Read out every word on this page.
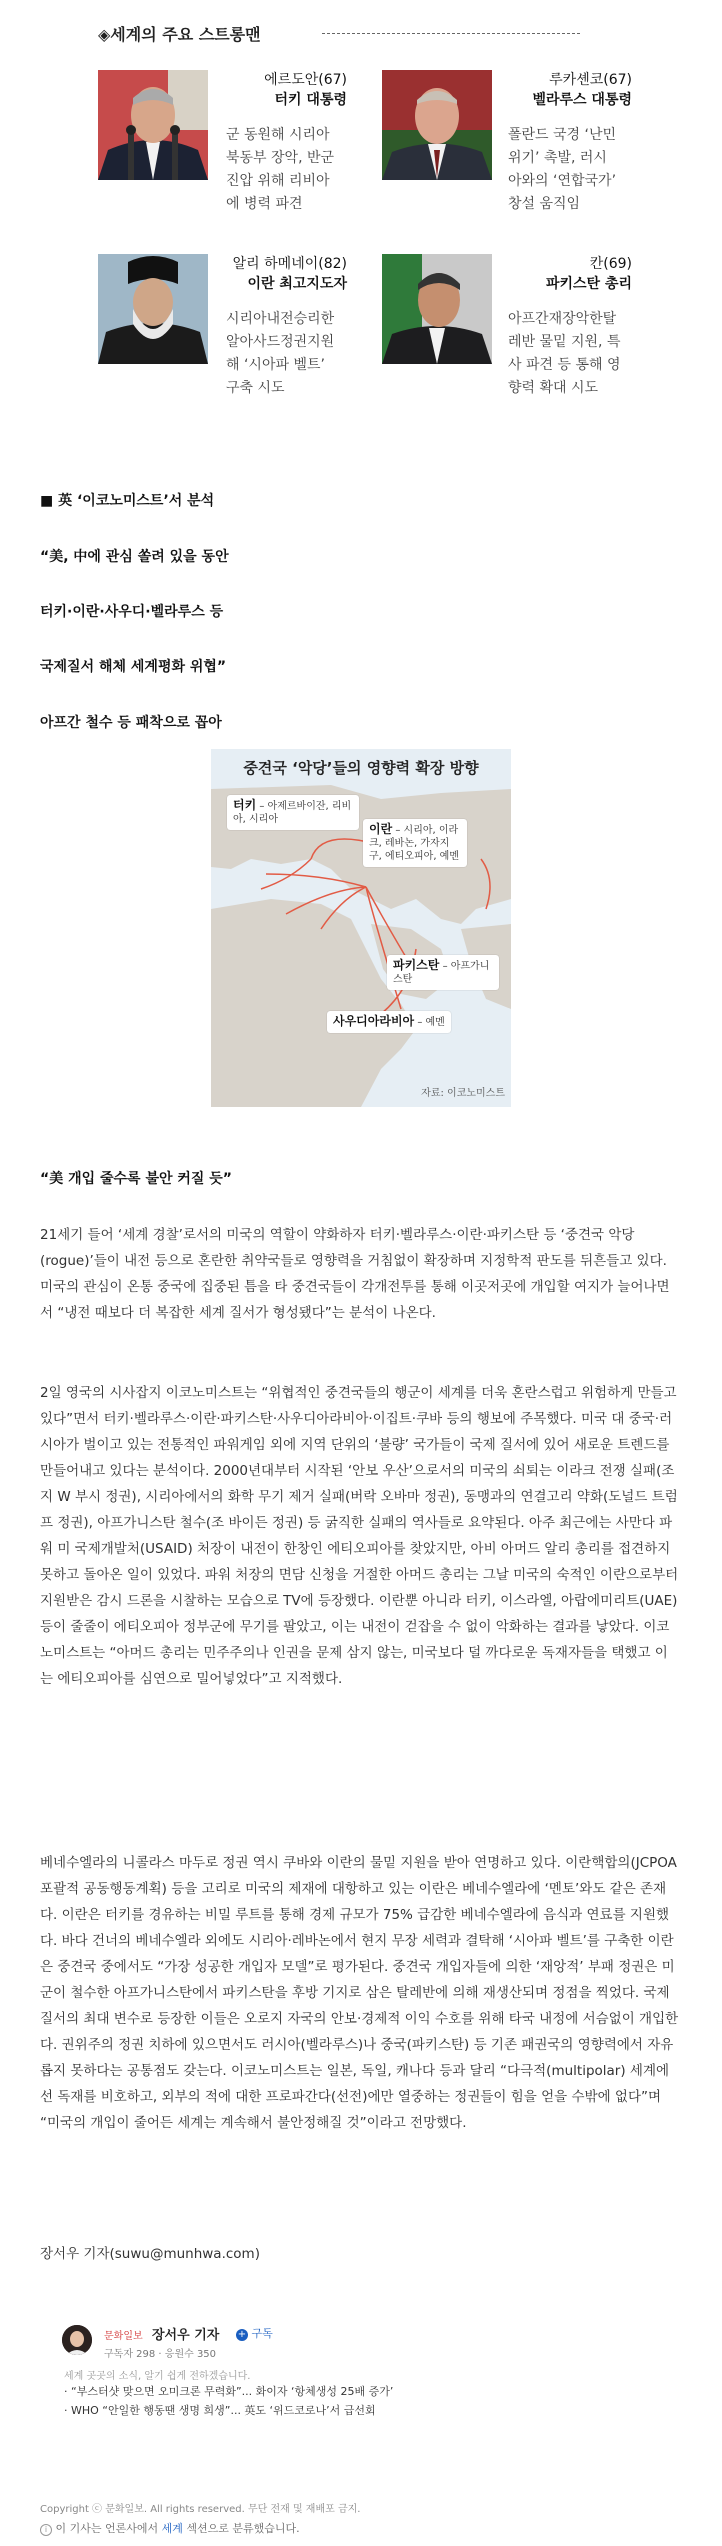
◈세계의 주요 스트롱맨
에르도안(67)
터키 대통령
군 동원해 시리아
북동부 장악, 반군
진압 위해 리비아
에 병력 파견
루카셴코(67)
벨라루스 대통령
폴란드 국경 ‘난민
위기’ 촉발, 러시
아와의 ‘연합국가’
창설 움직임
알리 하메네이(82)
이란 최고지도자
시리아내전승리한
알아사드정권지원
해 ‘시아파 벨트’
구축 시도
칸(69)
파키스탄 총리
아프간재장악한탈
레반 물밑 지원, 특
사 파견 등 통해 영
향력 확대 시도
■ 英 ‘이코노미스트’서 분석
“美, 中에 관심 쏠려 있을 동안
터키·이란·사우디·벨라루스 등
국제질서 해체 세계평화 위협”
아프간 철수 등 패착으로 꼽아
중견국 ‘악당’들의 영향력 확장 방향
터키 – 아제르바이잔, 리비아, 시리아
이란 – 시리아, 이라크, 레바논, 가자지구, 에티오피아, 예멘
파키스탄 – 아프가니스탄
사우디아라비아 – 예멘
자료: 이코노미스트
“美 개입 줄수록 불안 커질 듯”
21세기 들어 ‘세계 경찰’로서의 미국의 역할이 약화하자 터키·벨라루스·이란·파키스탄 등 ‘중견국 악당(rogue)’들이 내전 등으로 혼란한 취약국들로 영향력을 거침없이 확장하며 지정학적 판도를 뒤흔들고 있다. 미국의 관심이 온통 중국에 집중된 틈을 타 중견국들이 각개전투를 통해 이곳저곳에 개입할 여지가 늘어나면서 “냉전 때보다 더 복잡한 세계 질서가 형성됐다”는 분석이 나온다.
2일 영국의 시사잡지 이코노미스트는 “위협적인 중견국들의 행군이 세계를 더욱 혼란스럽고 위험하게 만들고 있다”면서 터키·벨라루스·이란·파키스탄·사우디아라비아·이집트·쿠바 등의 행보에 주목했다. 미국 대 중국·러시아가 벌이고 있는 전통적인 파워게임 외에 지역 단위의 ‘불량’ 국가들이 국제 질서에 있어 새로운 트렌드를 만들어내고 있다는 분석이다. 2000년대부터 시작된 ‘안보 우산’으로서의 미국의 쇠퇴는 이라크 전쟁 실패(조지 W 부시 정권), 시리아에서의 화학 무기 제거 실패(버락 오바마 정권), 동맹과의 연결고리 약화(도널드 트럼프 정권), 아프가니스탄 철수(조 바이든 정권) 등 굵직한 실패의 역사들로 요약된다. 아주 최근에는 사만다 파워 미 국제개발처(USAID) 처장이 내전이 한창인 에티오피아를 찾았지만, 아비 아머드 알리 총리를 접견하지 못하고 돌아온 일이 있었다. 파워 처장의 면담 신청을 거절한 아머드 총리는 그날 미국의 숙적인 이란으로부터 지원받은 감시 드론을 시찰하는 모습으로 TV에 등장했다. 이란뿐 아니라 터키, 이스라엘, 아랍에미리트(UAE) 등이 줄줄이 에티오피아 정부군에 무기를 팔았고, 이는 내전이 걷잡을 수 없이 악화하는 결과를 낳았다. 이코노미스트는 “아머드 총리는 민주주의나 인권을 문제 삼지 않는, 미국보다 덜 까다로운 독재자들을 택했고 이는 에티오피아를 심연으로 밀어넣었다”고 지적했다.
베네수엘라의 니콜라스 마두로 정권 역시 쿠바와 이란의 물밑 지원을 받아 연명하고 있다. 이란핵합의(JCPOA 포괄적 공동행동계획) 등을 고리로 미국의 제재에 대항하고 있는 이란은 베네수엘라에 ‘멘토’와도 같은 존재다. 이란은 터키를 경유하는 비밀 루트를 통해 경제 규모가 75% 급감한 베네수엘라에 음식과 연료를 지원했다. 바다 건너의 베네수엘라 외에도 시리아·레바논에서 현지 무장 세력과 결탁해 ‘시아파 벨트’를 구축한 이란은 중견국 중에서도 “가장 성공한 개입자 모델”로 평가된다. 중견국 개입자들에 의한 ‘재앙적’ 부패 정권은 미군이 철수한 아프가니스탄에서 파키스탄을 후방 기지로 삼은 탈레반에 의해 재생산되며 정점을 찍었다. 국제 질서의 최대 변수로 등장한 이들은 오로지 자국의 안보·경제적 이익 수호를 위해 타국 내정에 서슴없이 개입한다. 권위주의 정권 치하에 있으면서도 러시아(벨라루스)나 중국(파키스탄) 등 기존 패권국의 영향력에서 자유롭지 못하다는 공통점도 갖는다. 이코노미스트는 일본, 독일, 캐나다 등과 달리 “다극적(multipolar) 세계에선 독재를 비호하고, 외부의 적에 대한 프로파간다(선전)에만 열중하는 정권들이 힘을 얻을 수밖에 없다”며 “미국의 개입이 줄어든 세계는 계속해서 불안정해질 것”이라고 전망했다.
장서우 기자(suwu@munhwa.com)
문화일보 장서우 기자 + 구독
구독자 298 · 응원수 350
세계 곳곳의 소식, 알기 쉽게 전하겠습니다.
· “부스터샷 맞으면 오미크론 무력화”... 화이자 ‘항체생성 25배 증가’
· WHO “안일한 행동땐 생명 희생”... 英도 ‘위드코로나’서 급선회
Copyright ⓒ 문화일보. All rights reserved. 무단 전재 및 재배포 금지.
i 이 기사는 언론사에서 세계 섹션으로 분류했습니다.
